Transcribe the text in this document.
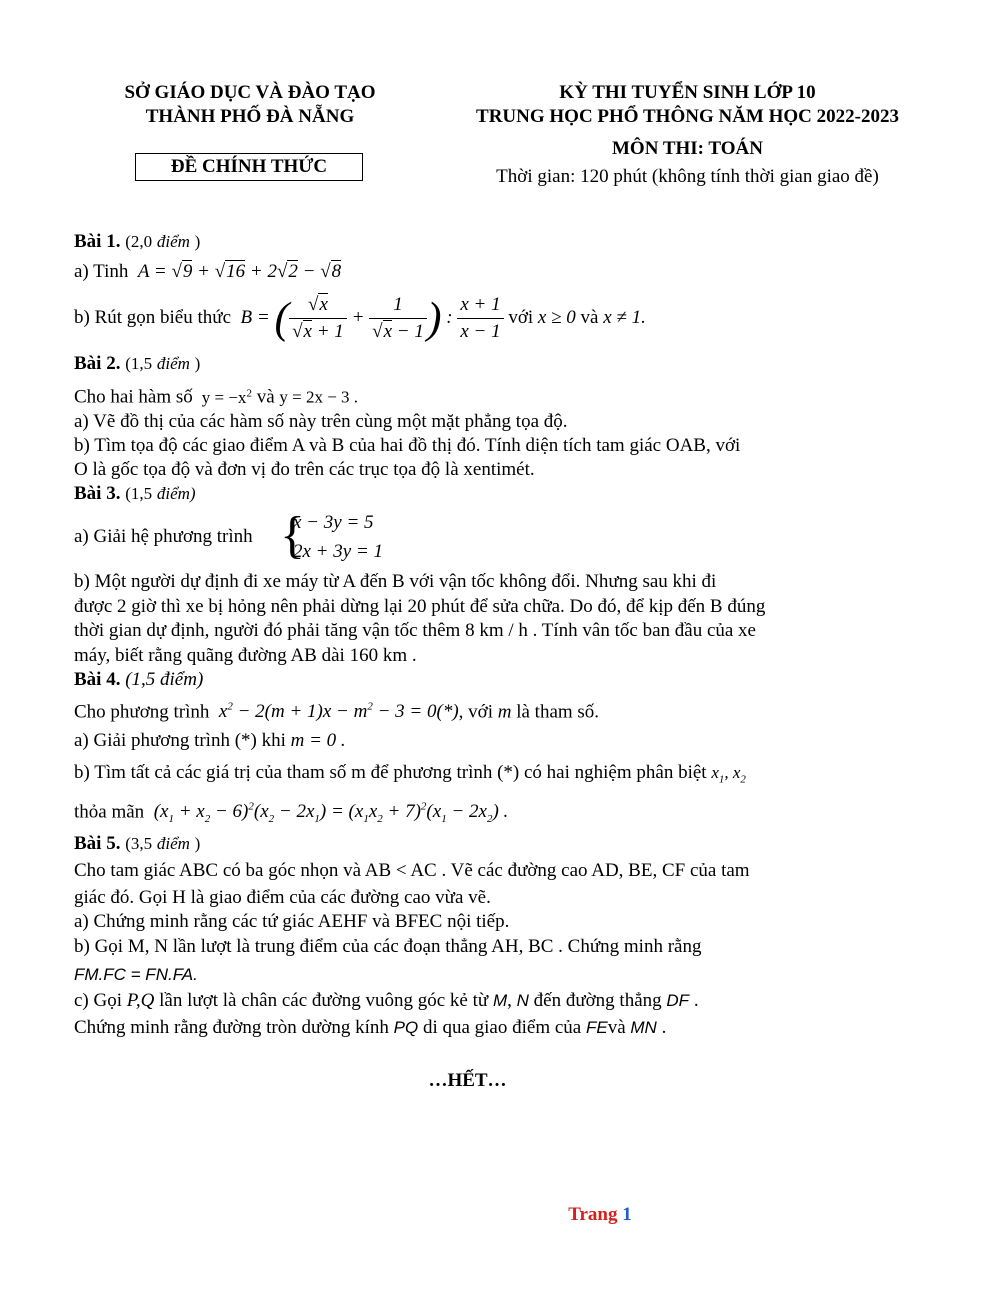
SỞ GIÁO DỤC VÀ ĐÀO TẠO
THÀNH PHỐ ĐÀ NẴNG
ĐỀ CHÍNH THỨC
KỲ THI TUYỂN SINH LỚP 10
TRUNG HỌC PHỔ THÔNG NĂM HỌC 2022-2023
MÔN THI: TOÁN
Thời gian: 120 phút (không tính thời gian giao đề)
Bài 1. (2,0 điểm )
a) Tinh  A = √9 + √16 + 2√2 − √8
b) Rút gọn biểu thức  B = ( $\frac{√x}{√x + 1} + \frac{1}{√x - 1}$ ) : $\frac{x + 1}{x - 1}$ với x ≥ 0 và x ≠ 1.
Bài 2. (1,5 điểm )
Cho hai hàm số  $y = -x^2$ và y = 2x − 3 .
a) Vẽ đồ thị của các hàm số này trên cùng một mặt phẳng tọa độ.
b) Tìm tọa độ các giao điểm A và B của hai đồ thị đó. Tính diện tích tam giác OAB, với
O là gốc tọa độ và đơn vị đo trên các trục tọa độ là xentimét.
Bài 3. (1,5 điểm)
a) Giải hệ phương trình {
x − 3y = 5
2x + 3y = 1
b) Một người dự định đi xe máy từ A đến B với vận tốc không đổi. Nhưng sau khi đi
được 2 giờ thì xe bị hỏng nên phải dừng lại 20 phút để sửa chữa. Do đó, để kịp đến B đúng
thời gian dự định, người đó phải tăng vận tốc thêm 8 km / h . Tính vân tốc ban đầu của xe
máy, biết rằng quãng đường AB dài 160 km .
Bài 4. (1,5 điểm)
Cho phương trình  $x^2 - 2(m + 1)x - m^2 - 3 = 0(*)$, với m là tham số.
a) Giải phương trình (*) khi m = 0 .
b) Tìm tất cả các giá trị của tham số m để phương trình (*) có hai nghiệm phân biệt $x_1$, $x_2$
thỏa mãn  $(x_1 + x_2 - 6)^2(x_2 - 2x_1) = (x_1x_2 + 7)^2(x_1 - 2x_2)$ .
Bài 5. (3,5 điểm )
Cho tam giác ABC có ba góc nhọn và AB < AC . Vẽ các đường cao AD, BE, CF của tam
giác đó. Gọi H là giao điểm của các đường cao vừa vẽ.
a) Chứng minh rằng các tứ giác AEHF và BFEC nội tiếp.
b) Gọi M, N lần lượt là trung điểm của các đoạn thẳng AH, BC . Chứng minh rằng
FM.FC = FN.FA.
c) Gọi P,Q lần lượt là chân các đường vuông góc kẻ từ M, N đến đường thẳng DF .
Chứng minh rằng đường tròn dường kính PQ di qua giao điểm của FEvà MN .
…HẾT…
Trang 1
